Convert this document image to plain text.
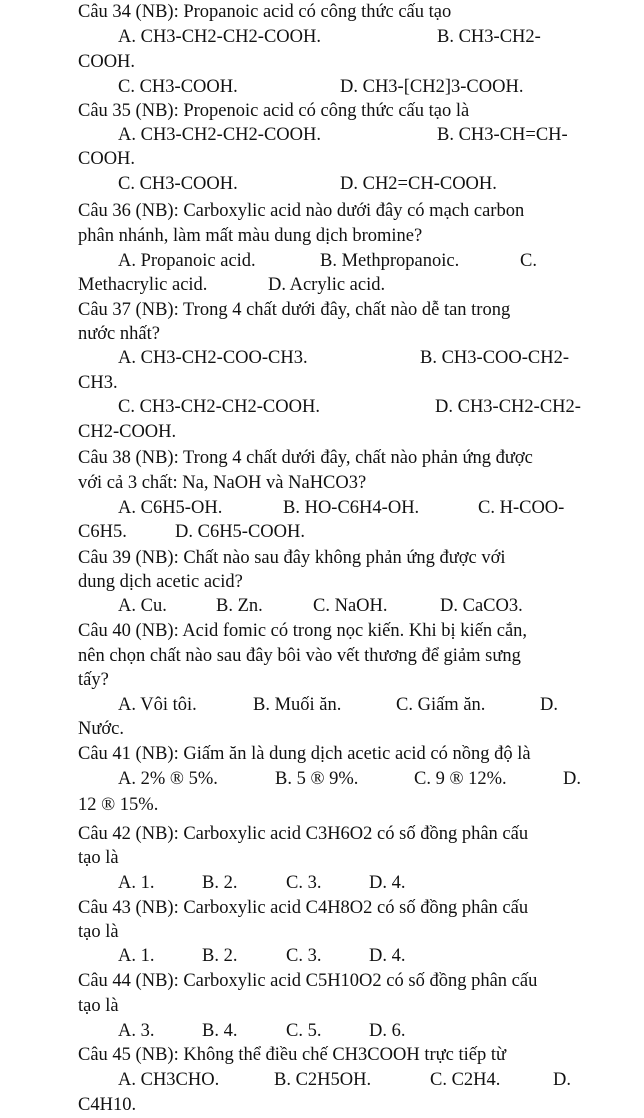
Câu 34 (NB): Propanoic acid có công thức cấu tạo
A. CH3-CH2-CH2-COOH.	B. CH3-CH2-
COOH.
C. CH3-COOH.	D. CH3-[CH2]3-COOH.
Câu 35 (NB): Propenoic acid có công thức cấu tạo là
A. CH3-CH2-CH2-COOH.	B. CH3-CH=CH-
COOH.
C. CH3-COOH.	D. CH2=CH-COOH.
Câu 36 (NB): Carboxylic acid nào dưới đây có mạch carbon
phân nhánh, làm mất màu dung dịch bromine?
A. Propanoic acid.	B. Methpropanoic.	C.
Methacrylic acid.	D. Acrylic acid.
Câu 37 (NB): Trong 4 chất dưới đây, chất nào dễ tan trong
nước nhất?
A. CH3-CH2-COO-CH3.	B. CH3-COO-CH2-
CH3.
C. CH3-CH2-CH2-COOH.	D. CH3-CH2-CH2-
CH2-COOH.
Câu 38 (NB): Trong 4 chất dưới đây, chất nào phản ứng được
với cả 3 chất: Na, NaOH và NaHCO3?
A. C6H5-OH.	B. HO-C6H4-OH.	C. H-COO-
C6H5.	D. C6H5-COOH.
Câu 39 (NB): Chất nào sau đây không phản ứng được với
dung dịch acetic acid?
A. Cu.	B. Zn.	C. NaOH.	D. CaCO3.
Câu 40 (NB): Acid fomic có trong nọc kiến. Khi bị kiến cắn,
nên chọn chất nào sau đây bôi vào vết thương để giảm sưng
tấy?
A. Vôi tôi.	B. Muối ăn.	C. Giấm ăn.	D.
Nước.
Câu 41 (NB): Giấm ăn là dung dịch acetic acid có nồng độ là
A. 2% ® 5%.	B. 5 ® 9%.	C. 9 ® 12%.	D.
12 ® 15%.
Câu 42 (NB): Carboxylic acid C3H6O2 có số đồng phân cấu
tạo là
A. 1.	B. 2.	C. 3.	D. 4.
Câu 43 (NB): Carboxylic acid C4H8O2 có số đồng phân cấu
tạo là
A. 1.	B. 2.	C. 3.	D. 4.
Câu 44 (NB): Carboxylic acid C5H10O2 có số đồng phân cấu
tạo là
A. 3.	B. 4.	C. 5.	D. 6.
Câu 45 (NB): Không thể điều chế CH3COOH trực tiếp từ
A. CH3CHO.	B. C2H5OH.	C. C2H4.	D.
C4H10.
